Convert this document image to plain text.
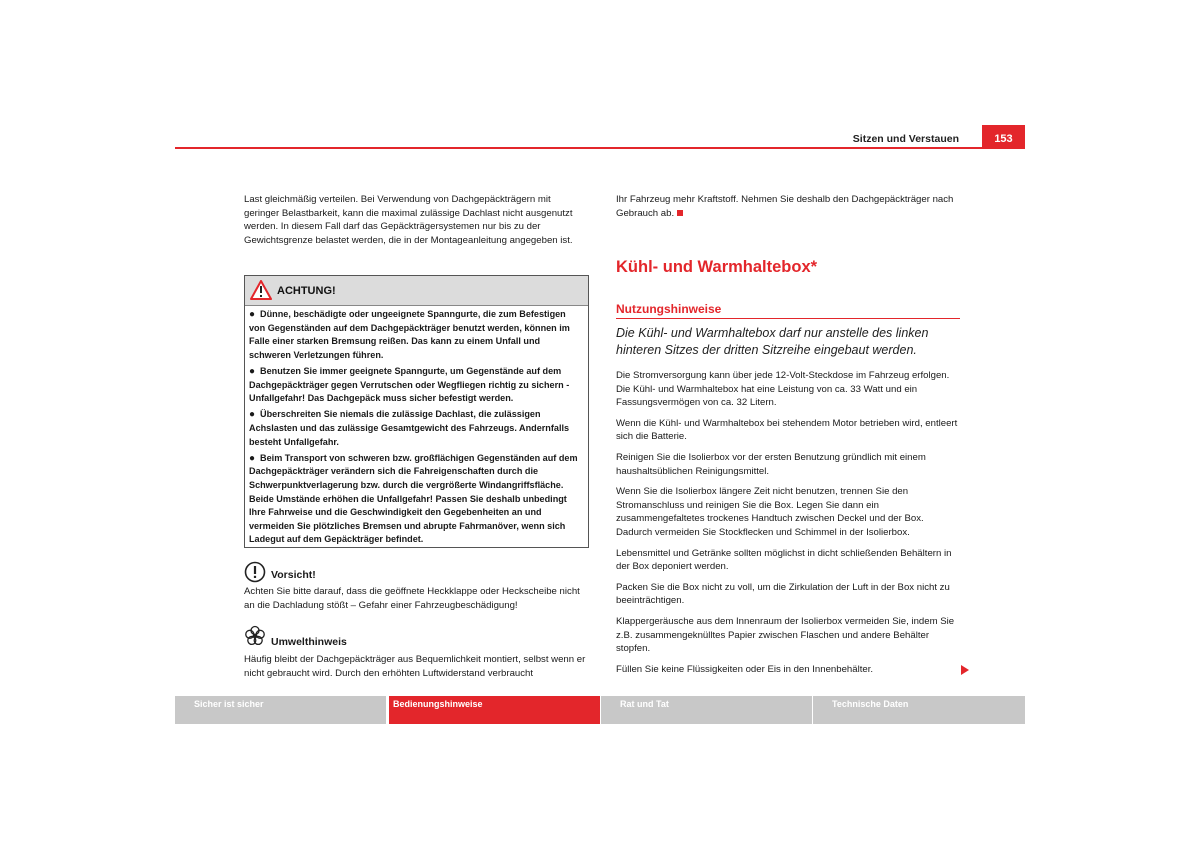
Sitzen und Verstauen	153

Last gleichmäßig verteilen. Bei Verwendung von Dachgepäckträgern mit geringer Belastbarkeit, kann die maximal zulässige Dachlast nicht ausgenutzt werden. In diesem Fall darf das Gepäckträgersystemen nur bis zu der Gewichtsgrenze belastet werden, die in der Montageanleitung angegeben ist.

ACHTUNG!

● Dünne, beschädigte oder ungeeignete Spanngurte, die zum Befestigen von Gegenständen auf dem Dachgepäckträger benutzt werden, können im Falle einer starken Bremsung reißen. Das kann zu einem Unfall und schweren Verletzungen führen.

● Benutzen Sie immer geeignete Spanngurte, um Gegenstände auf dem Dachgepäckträger gegen Verrutschen oder Wegfliegen richtig zu sichern - Unfallgefahr! Das Dachgepäck muss sicher befestigt werden.

● Überschreiten Sie niemals die zulässige Dachlast, die zulässigen Achslasten und das zulässige Gesamtgewicht des Fahrzeugs. Andernfalls besteht Unfallgefahr.

● Beim Transport von schweren bzw. großflächigen Gegenständen auf dem Dachgepäckträger verändern sich die Fahreigenschaften durch die Schwerpunktverlagerung bzw. durch die vergrößerte Windangriffsfläche. Beide Umstände erhöhen die Unfallgefahr! Passen Sie deshalb unbedingt Ihre Fahrweise und die Geschwindigkeit den Gegebenheiten an und vermeiden Sie plötzliches Bremsen und abrupte Fahrmanöver, wenn sich Ladegut auf dem Gepäckträger befindet.

Vorsicht!

Achten Sie bitte darauf, dass die geöffnete Heckklappe oder Heckscheibe nicht an die Dachladung stößt – Gefahr einer Fahrzeugbeschädigung!

Umwelthinweis

Häufig bleibt der Dachgepäckträger aus Bequemlichkeit montiert, selbst wenn er nicht gebraucht wird. Durch den erhöhten Luftwiderstand verbraucht

Ihr Fahrzeug mehr Kraftstoff. Nehmen Sie deshalb den Dachgepäckträger nach Gebrauch ab.

Kühl- und Warmhaltebox*
Nutzungshinweise
Die Kühl- und Warmhaltebox darf nur anstelle des linken hinteren Sitzes der dritten Sitzreihe eingebaut werden.

Die Stromversorgung kann über jede 12-Volt-Steckdose im Fahrzeug erfolgen. Die Kühl- und Warmhaltebox hat eine Leistung von ca. 33 Watt und ein Fassungsvermögen von ca. 32 Litern.

Wenn die Kühl- und Warmhaltebox bei stehendem Motor betrieben wird, entleert sich die Batterie.

Reinigen Sie die Isolierbox vor der ersten Benutzung gründlich mit einem haushaltsüblichen Reinigungsmittel.

Wenn Sie die Isolierbox längere Zeit nicht benutzen, trennen Sie den Stromanschluss und reinigen Sie die Box. Legen Sie dann ein zusammengefaltetes trockenes Handtuch zwischen Deckel und der Box. Dadurch vermeiden Sie Stockflecken und Schimmel in der Isolierbox.

Lebensmittel und Getränke sollten möglichst in dicht schließenden Behältern in der Box deponiert werden.

Packen Sie die Box nicht zu voll, um die Zirkulation der Luft in der Box nicht zu beeinträchtigen.

Klappergeräusche aus dem Innenraum der Isolierbox vermeiden Sie, indem Sie z.B. zusammengeknülltes Papier zwischen Flaschen und andere Behälter stopfen.

Füllen Sie keine Flüssigkeiten oder Eis in den Innenbehälter.

Sicher ist sicher	Bedienungshinweise	Rat und Tat	Technische Daten
